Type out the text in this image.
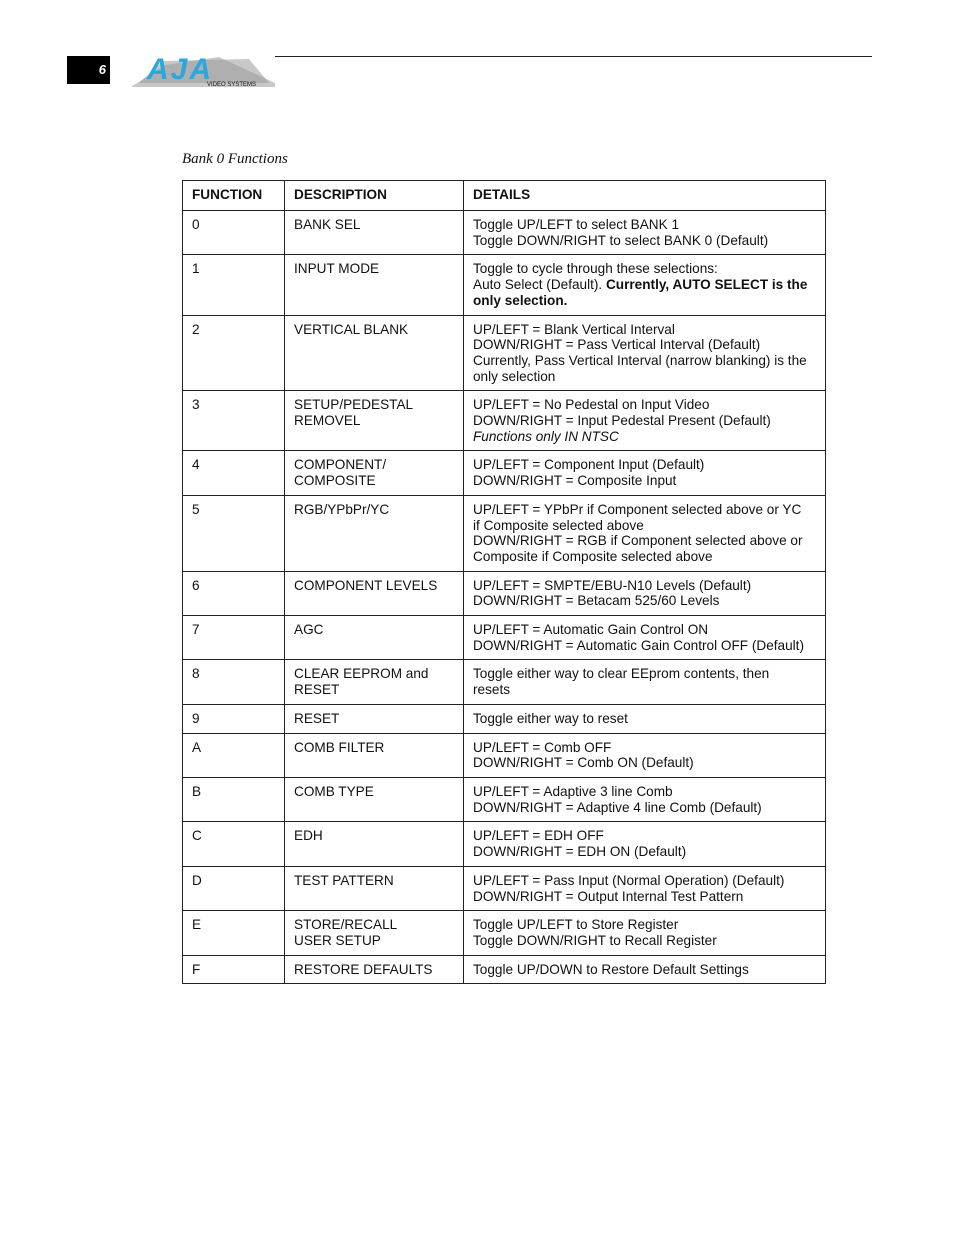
6 AJA
VIDEO SYSTEMS
Bank 0 Functions
FUNCTION	DESCRIPTION	DETAILS
0	BANK SEL	Toggle UP/LEFT to select BANK 1
Toggle DOWN/RIGHT to select BANK 0 (Default)

1	INPUT MODE	Toggle to cycle through these selections:
Auto Select (Default). Currently, AUTO SELECT is the
only selection.

2	VERTICAL BLANK	UP/LEFT = Blank Vertical Interval
DOWN/RIGHT = Pass Vertical Interval (Default)
Currently, Pass Vertical Interval (narrow blanking) is the
only selection

3	SETUP/PEDESTAL
REMOVEL	UP/LEFT = No Pedestal on Input Video
DOWN/RIGHT = Input Pedestal Present (Default)
Functions only IN NTSC

4	COMPONENT/
COMPOSITE	UP/LEFT = Component Input (Default)
DOWN/RIGHT = Composite Input

5	RGB/YPbPr/YC	UP/LEFT = YPbPr if Component selected above or YC
if Composite selected above
DOWN/RIGHT = RGB if Component selected above or
Composite if Composite selected above

6	COMPONENT LEVELS	UP/LEFT = SMPTE/EBU-N10 Levels (Default)
DOWN/RIGHT = Betacam 525/60 Levels

7	AGC	UP/LEFT = Automatic Gain Control ON
DOWN/RIGHT = Automatic Gain Control OFF (Default)

8	CLEAR EEPROM and
RESET	Toggle either way to clear EEprom contents, then
resets

9	RESET	Toggle either way to reset

A	COMB FILTER	UP/LEFT = Comb OFF
DOWN/RIGHT = Comb ON (Default)

B	COMB TYPE	UP/LEFT = Adaptive 3 line Comb
DOWN/RIGHT = Adaptive 4 line Comb (Default)

C	EDH	UP/LEFT = EDH OFF
DOWN/RIGHT = EDH ON (Default)

D	TEST PATTERN	UP/LEFT = Pass Input (Normal Operation) (Default)
DOWN/RIGHT = Output Internal Test Pattern

E	STORE/RECALL
USER SETUP	Toggle UP/LEFT to Store Register
Toggle DOWN/RIGHT to Recall Register

F	RESTORE DEFAULTS	Toggle UP/DOWN to Restore Default Settings
